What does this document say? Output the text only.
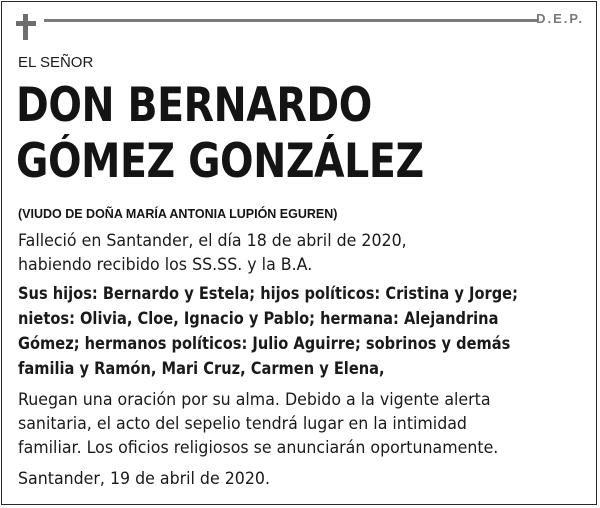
D.E.P.
EL SEÑOR
DON BERNARDO
GÓMEZ GONZÁLEZ
(VIUDO DE DOÑA MARÍA ANTONIA LUPIÓN EGUREN)
Falleció en Santander, el día 18 de abril de 2020,
habiendo recibido los SS.SS. y la B.A.
Sus hijos: Bernardo y Estela; hijos políticos: Cristina y Jorge;
nietos: Olivia, Cloe, Ignacio y Pablo; hermana: Alejandrina
Gómez; hermanos políticos: Julio Aguirre; sobrinos y demás
familia y Ramón, Mari Cruz, Carmen y Elena,
Ruegan una oración por su alma. Debido a la vigente alerta
sanitaria, el acto del sepelio tendrá lugar en la intimidad
familiar. Los oficios religiosos se anunciarán oportunamente.
Santander, 19 de abril de 2020.
